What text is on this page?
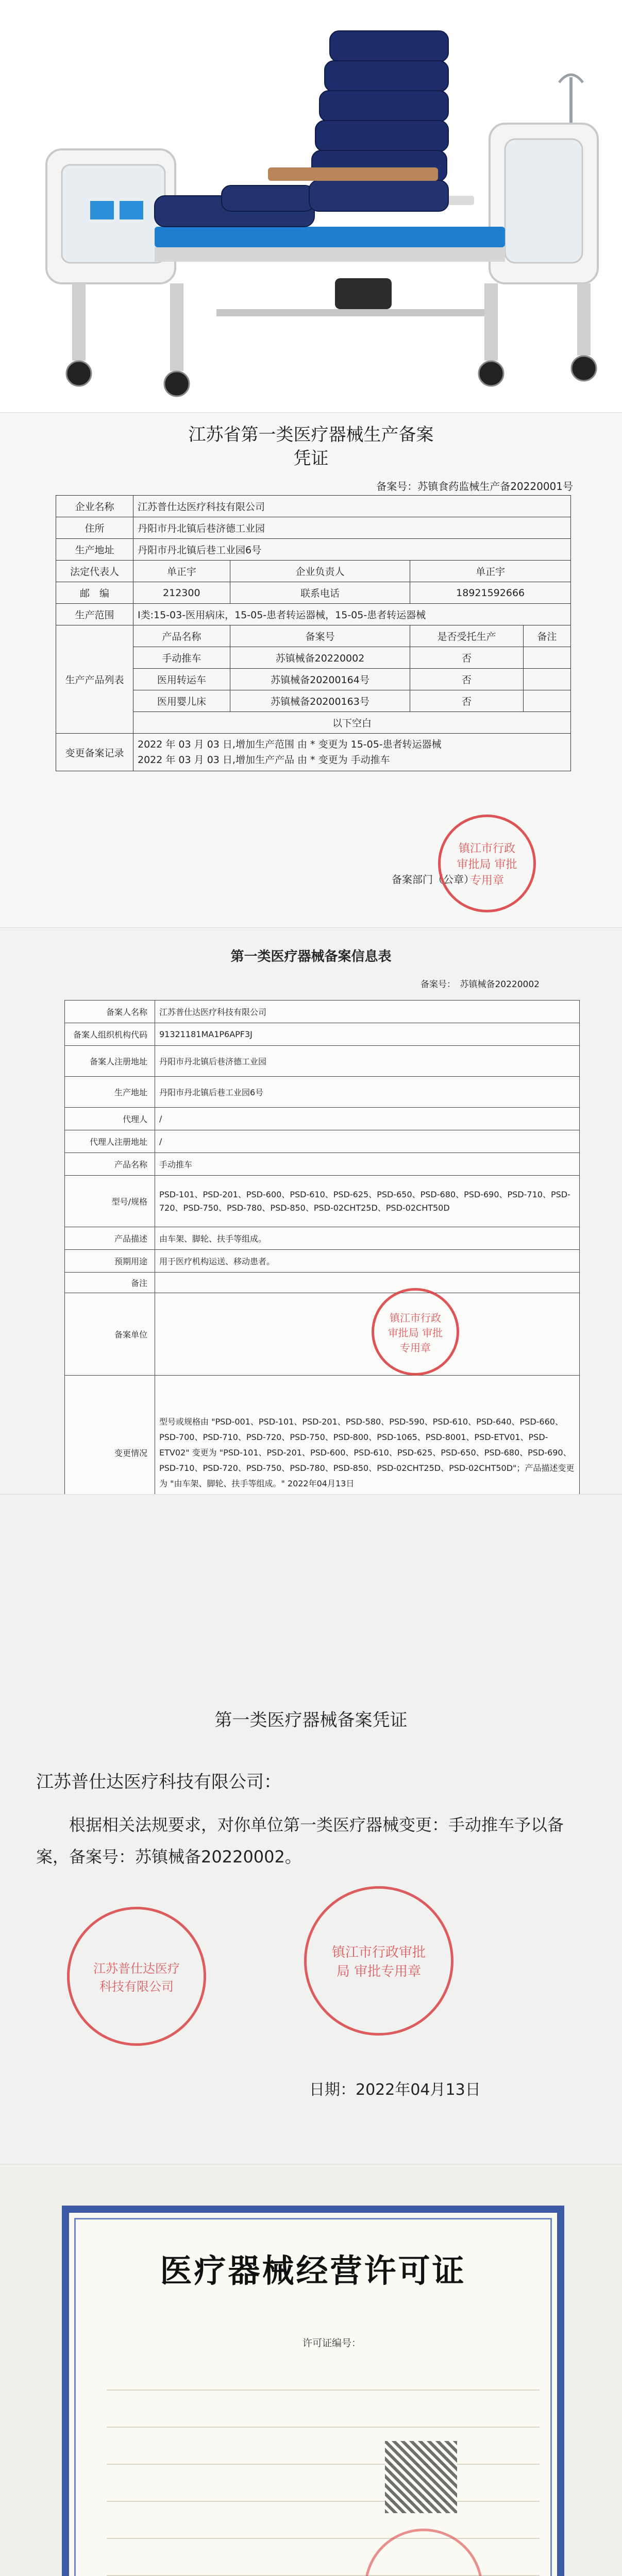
江苏省第一类医疗器械生产备案
凭证
备案号：苏镇食药监械生产备20220001号
企业名称	江苏普仕达医疗科技有限公司			
住所	丹阳市丹北镇后巷济德工业园			
生产地址	丹阳市丹北镇后巷工业园6号			
法定代表人	单正宇	企业负责人	单正宇	
邮　编	212300	联系电话	18921592666	
生产范围	Ⅰ类:15-03-医用病床，15-05-患者转运器械，15-05-患者转运器械			
生产产品列表	产品名称	备案号	是否受托生产	备注
	手动推车	苏镇械备20220002	否	
	医用转运车	苏镇械备20200164号	否	
	医用婴儿床	苏镇械备20200163号	否	
	以下空白			
变更备案记录	2022 年 03 月 03 日,增加生产范围 由 * 变更为 15-05-患者转运器械
2022 年 03 月 03 日,增加生产产品 由 * 变更为 手动推车			
备案部门（公章）
镇江市行政审批局 审批专用章
第一类医疗器械备案信息表
备案号：　苏镇械备20220002
备案人名称	江苏普仕达医疗科技有限公司
备案人组织机构代码	91321181MA1P6APF3J
备案人注册地址	丹阳市丹北镇后巷济德工业园
生产地址	丹阳市丹北镇后巷工业园6号
代理人	/
代理人注册地址	/
产品名称	手动推车
型号/规格	PSD-101、PSD-201、PSD-600、PSD-610、PSD-625、PSD-650、PSD-680、PSD-690、PSD-710、PSD-720、PSD-750、PSD-780、PSD-850、PSD-02CHT25D、PSD-02CHT50D
产品描述	由车架、脚轮、扶手等组成。
预期用途	用于医疗机构运送、移动患者。
备注	
备案单位	镇江市行政审批局 审批专用章

变更情况	型号或规格由 "PSD-001、PSD-101、PSD-201、PSD-580、PSD-590、PSD-610、PSD-640、PSD-660、PSD-700、PSD-710、PSD-720、PSD-750、PSD-800、PSD-1065、PSD-8001、PSD-ETV01、PSD-ETV02" 变更为 "PSD-101、PSD-201、PSD-600、PSD-610、PSD-625、PSD-650、PSD-680、PSD-690、PSD-710、PSD-720、PSD-750、PSD-780、PSD-850、PSD-02CHT25D、PSD-02CHT50D"；产品描述变更为 "由车架、脚轮、扶手等组成。" 2022年04月13日
第一类医疗器械备案凭证
江苏普仕达医疗科技有限公司：
根据相关法规要求，对你单位第一类医疗器械变更：手动推车予以备案，备案号：苏镇械备20220002。
江苏普仕达医疗科技有限公司
镇江市行政审批局 审批专用章
日期：2022年04月13日
医疗器械经营许可证
许可证编号：
